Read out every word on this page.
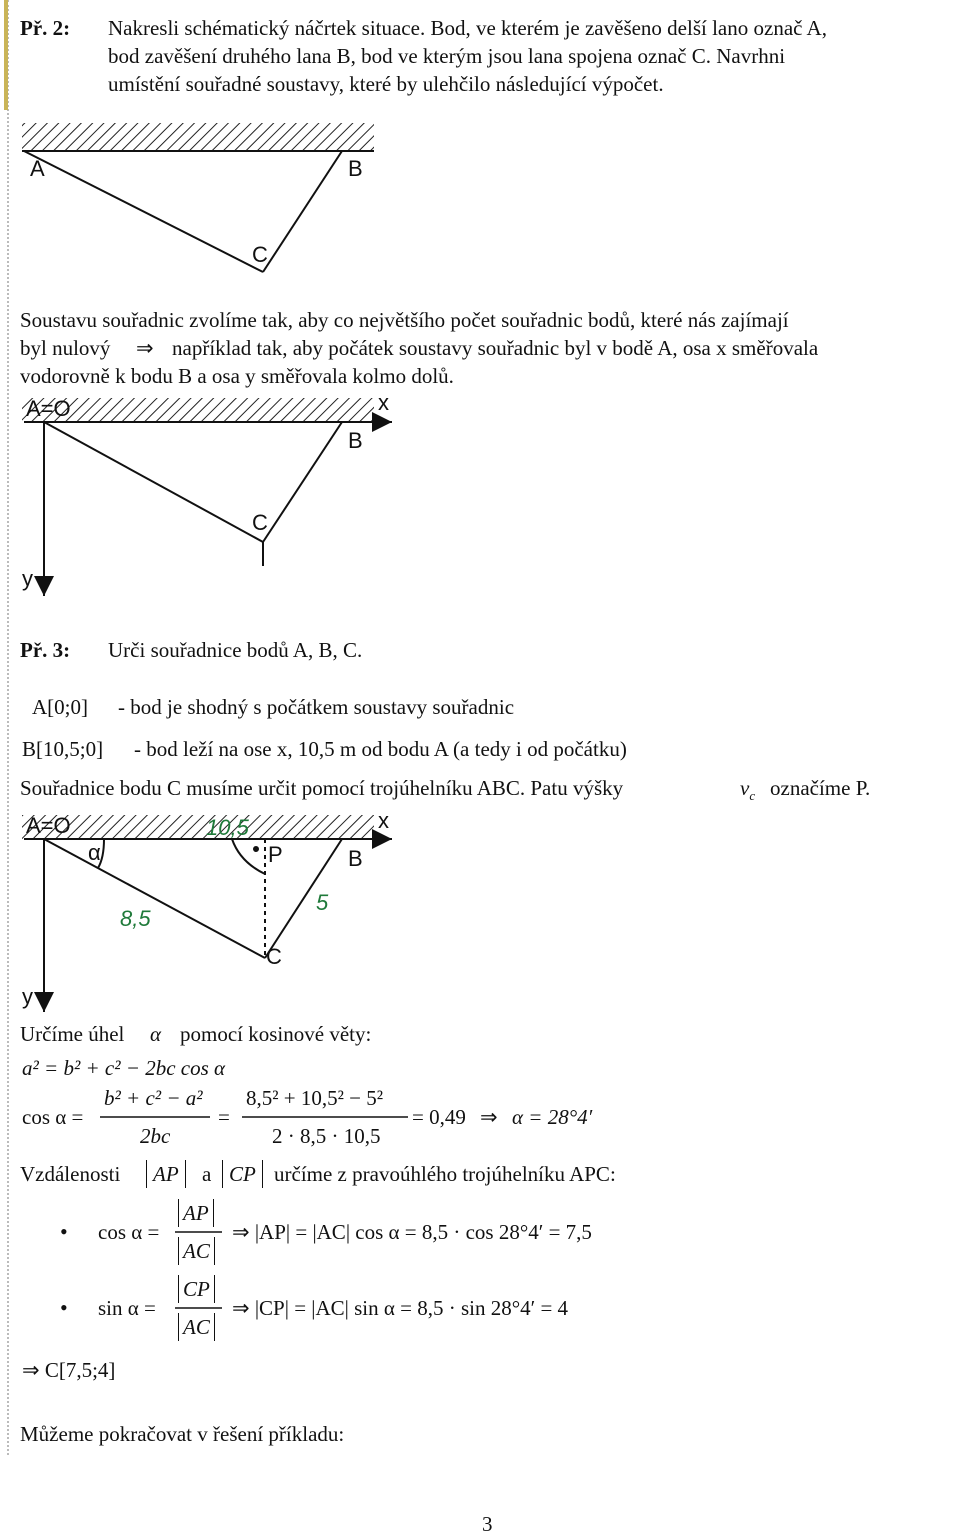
Př. 2: Nakresli schématický náčrtek situace. Bod, ve kterém je zavěšeno delší lano označ A,
bod zavěšení druhého lana B, bod ve kterým jsou lana spojena označ C. Navrhni
umístění souřadné soustavy, které by ulehčilo následující výpočet.
A	B
C
Soustavu souřadnic zvolíme tak, aby co největšího počet souřadnic bodů, které nás zajímají
byl nulový ⇒ například tak, aby počátek soustavy souřadnic byl v bodě A, osa x směřovala
vodorovně k bodu B a osa y směřovala kolmo dolů.
A=O	x
B
C
y
Př. 3: Urči souřadnice bodů A, B, C.
A[0;0] - bod je shodný s počátkem soustavy souřadnic
B[10,5;0] - bod leží na ose x, 10,5 m od bodu A (a tedy i od počátku)
Souřadnice bodu C musíme určit pomocí trojúhelníku ABC. Patu výšky	$v_c$ označíme P.
A=O	10,5	x
α	P	B
5
8,5
C
y
Určíme úhel α pomocí kosinové věty:
a² = b² + c² − 2bc cos α
cos α =
b² + c² − a²
2bc
=
8,5² + 10,5² − 5²
2 · 8,5 · 10,5
= 0,49 ⇒ α = 28°4′
Vzdálenosti	AP	a CP určíme z pravoúhlého trojúhelníku APC:
• cos α =
AP
AC
⇒ |AP| = |AC| cos α = 8,5 · cos 28°4′ = 7,5
• sin α =
CP
AC
⇒ |CP| = |AC| sin α = 8,5 · sin 28°4′ = 4
⇒ C[7,5;4]
Můžeme pokračovat v řešení příkladu:
3
